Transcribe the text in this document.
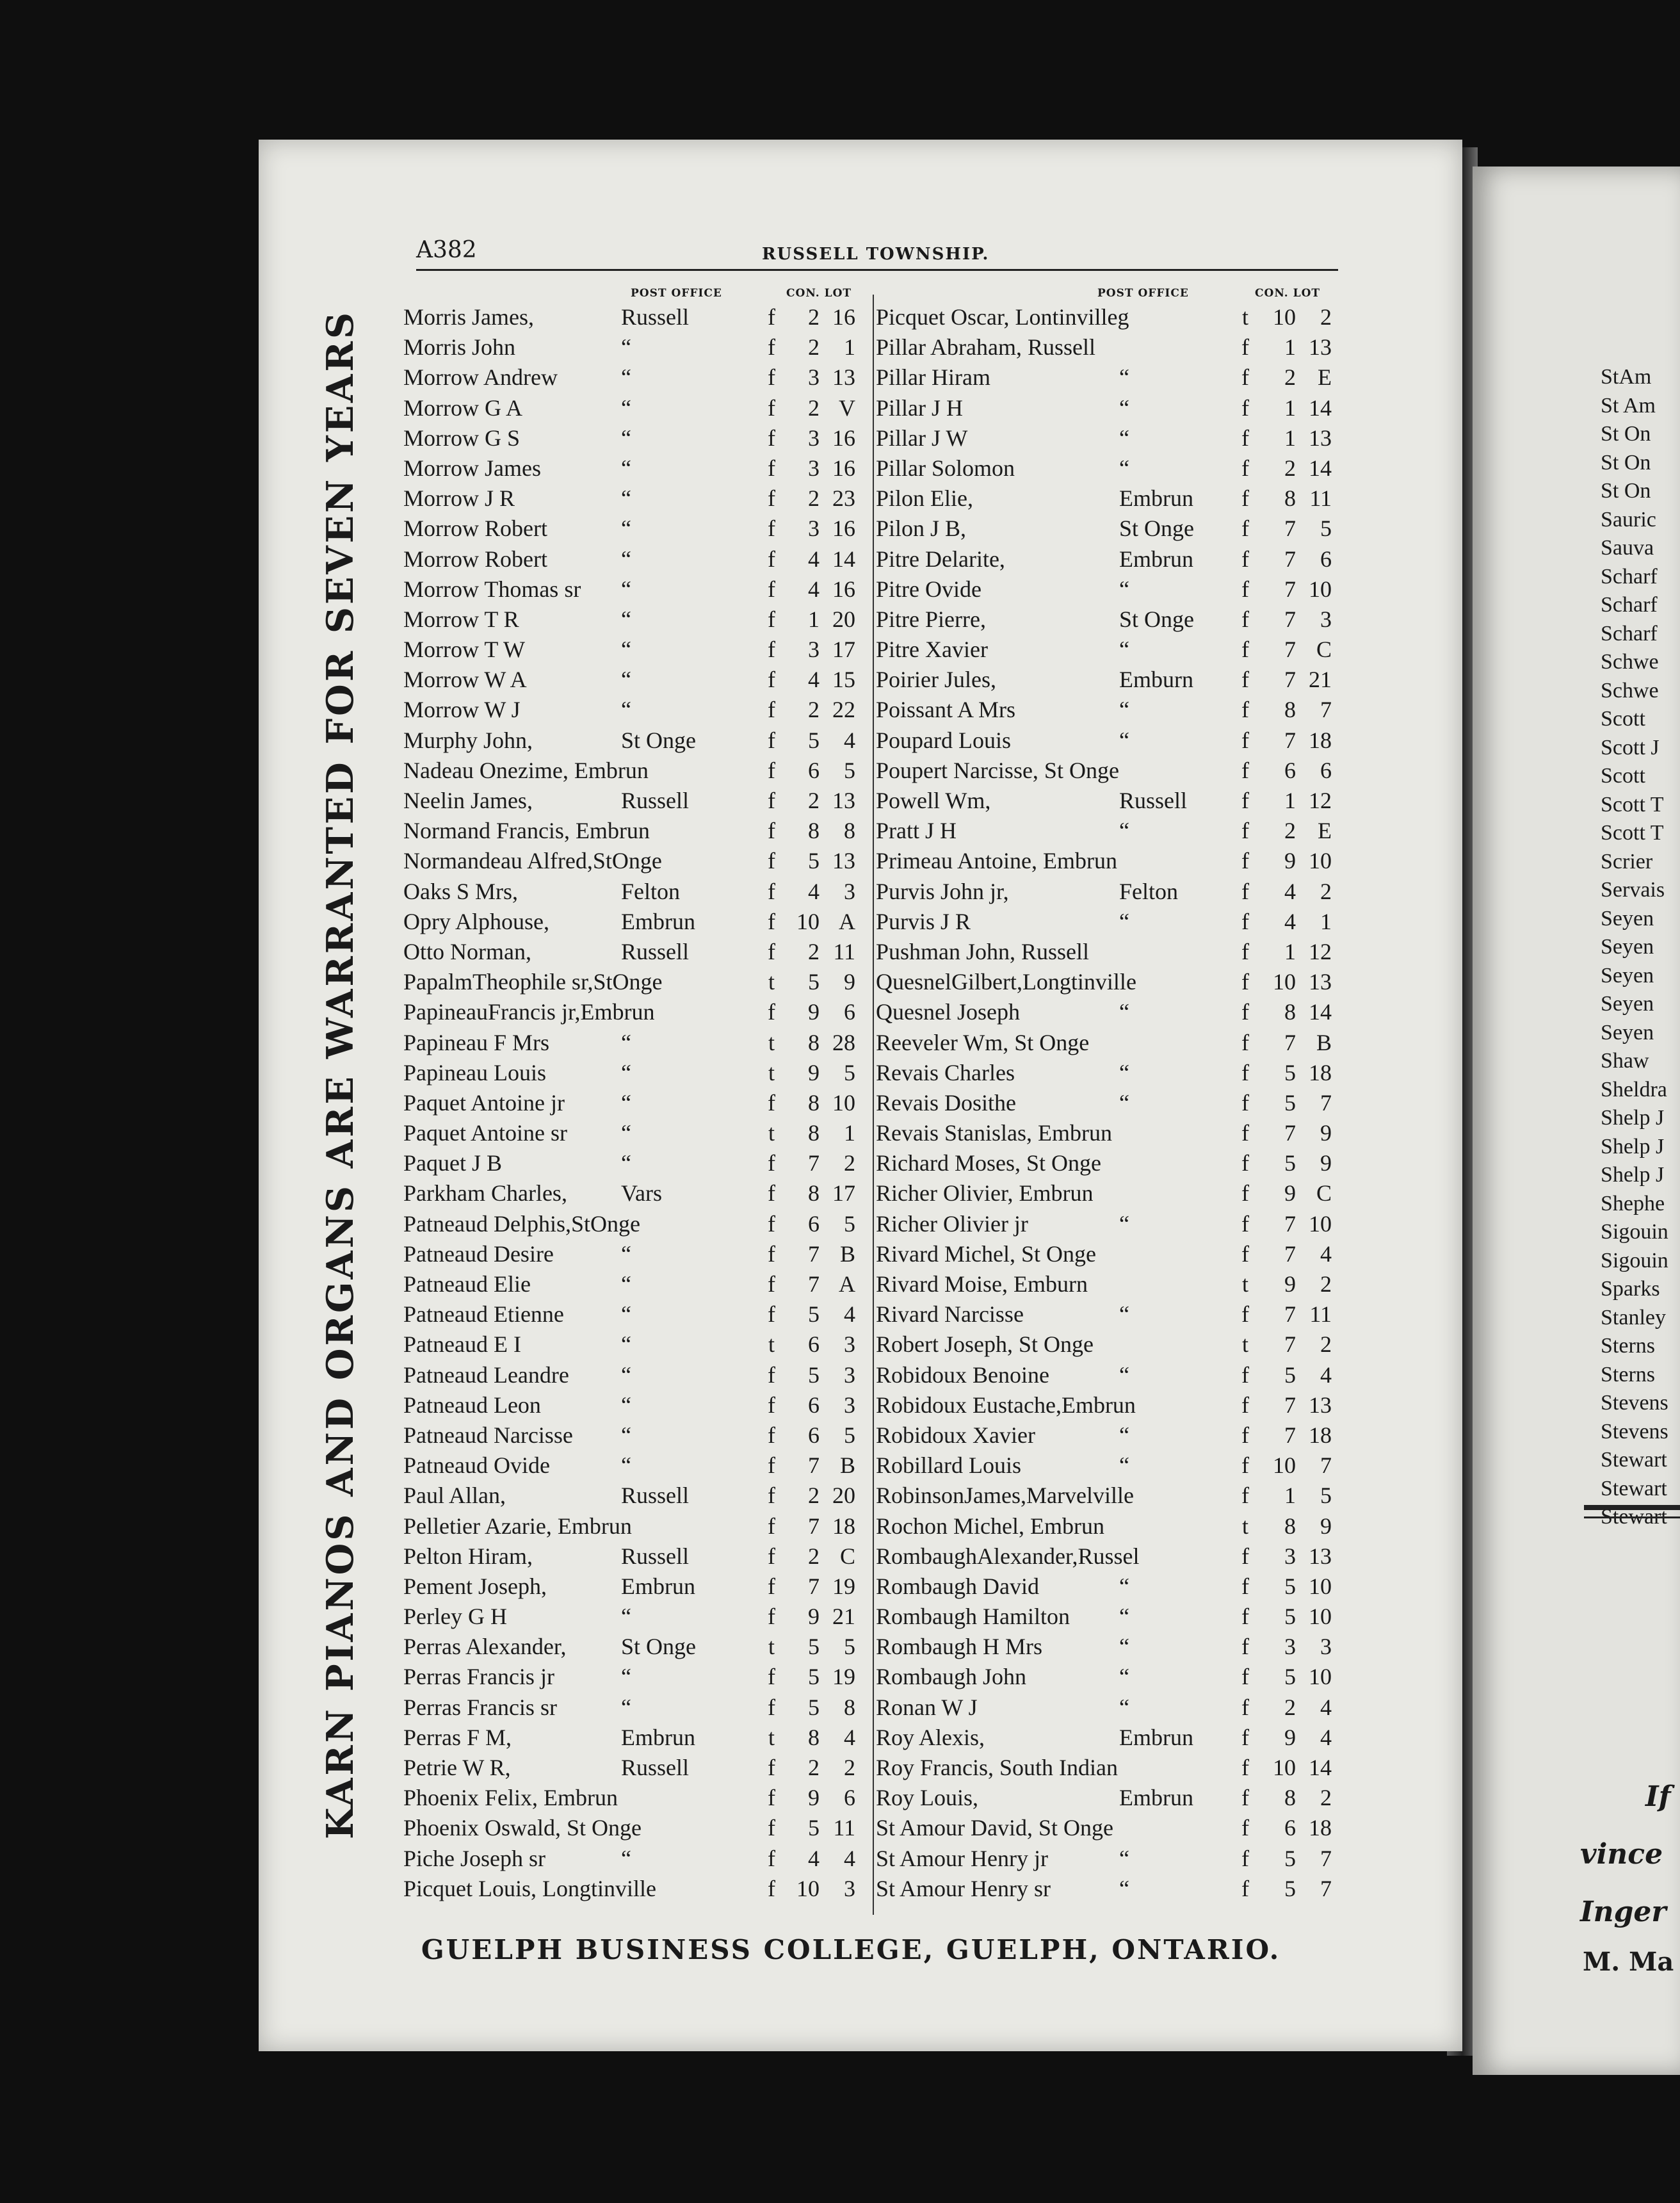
KARN PIANOS AND ORGANS ARE WARRANTED FOR SEVEN YEARS
A382	RUSSELL TOWNSHIP.
POST OFFICE	CON. LOT	POST OFFICE	CON. LOT
Morris James,	Russell	f	2 16
Morris John	“	f	2	1
Morrow Andrew	“	f	3 13
Morrow G A	“	f	2 V
Morrow G S	“	f	3 16
Morrow James	“	f	3 16
Morrow J R	“	f	2 23
Morrow Robert	“	f	3 16
Morrow Robert	“	f	4 14
Morrow Thomas sr “	f	4 16
Morrow T R	“	f	1 20
Morrow T W	“	f	3 17
Morrow W A	“	f	4 15
Morrow W J	“	f	2 22
Murphy John,	St Onge	f	5	4
Nadeau Onezime, Embrun	f	6	5
Neelin James,	Russell	f	2 13
Normand Francis, Embrun	f	8	8
Normandeau Alfred,StOnge	f	5 13
Oaks S Mrs,	Felton	f	4	3
Opry Alphouse,	Embrun	f 10 A
Otto Norman,	Russell	f	2 11
PapalmTheophile sr,StOnge	t	5	9
PapineauFrancis jr,Embrun	f	9	6
Papineau F Mrs	“	t	8 28
Papineau Louis	“	t	9	5
Paquet Antoine jr “	f	8 10
Paquet Antoine sr “	t	8	1
Paquet J B	“	f	7	2
Parkham Charles, Vars	f	8 17
Patneaud Delphis,StOnge	f	6	5
Patneaud Desire	“	f	7 B
Patneaud Elie	“	f	7 A
Patneaud Etienne “	f	5	4
Patneaud E I	“	t	6	3
Patneaud Leandre “	f	5	3
Patneaud Leon	“	f	6	3
Patneaud Narcisse “	f	6	5
Patneaud Ovide	“	f	7 B
Paul Allan,	Russell	f	2 20
Pelletier Azarie, Embrun	f	7 18
Pelton Hiram,	Russell	f	2 C
Pement Joseph,	Embrun	f	7 19
Perley G H	“	f	9 21
Perras Alexander, St Onge	t	5	5
Perras Francis jr	“	f	5 19
Perras Francis sr	“	f	5	8
Perras F M,	Embrun	t	8	4
Petrie W R,	Russell	f	2	2
Phoenix Felix, Embrun	f	9	6
Phoenix Oswald, St Onge	f	5 11
Piche Joseph sr	“	f	4	4
Picquet Louis, Longtinville	f 10	3
Picquet Oscar, Lontinvilleg	t	10	2
Pillar Abraham, Russell	f	1 13
Pillar Hiram	“	f	2 E
Pillar J H	“	f	1 14
Pillar J W	“	f	1 13
Pillar Solomon	“	f	2 14
Pilon Elie,	Embrun f	8 11
Pilon J B,	St Onge f	7	5
Pitre Delarite,	Embrun f	7	6
Pitre Ovide	“	f	7 10
Pitre Pierre,	St Onge f	7	3
Pitre Xavier	“	f	7 C
Poirier Jules,	Emburn f	7 21
Poissant A Mrs	“	f	8	7
Poupard Louis	“	f	7 18
Poupert Narcisse, St Onge	f	6	6
Powell Wm,	Russell f	1 12
Pratt J H	“	f	2 E
Primeau Antoine, Embrun	f	9 10
Purvis John jr,	Felton	f	4	2
Purvis J R	“	f	4	1
Pushman John, Russell	f	1 12
QuesnelGilbert,Longtinville	f	10 13
Quesnel Joseph	“	f	8 14
Reeveler Wm, St Onge	f	7 B
Revais Charles	“	f	5 18
Revais Dosithe	“	f	5	7
Revais Stanislas, Embrun	f	7	9
Richard Moses, St Onge	f	5	9
Richer Olivier, Embrun	f	9 C
Richer Olivier jr	“	f	7 10
Rivard Michel, St Onge	f	7	4
Rivard Moise, Emburn	t	9	2
Rivard Narcisse	“	f	7 11
Robert Joseph, St Onge	t	7	2
Robidoux Benoine	“	f	5	4
Robidoux Eustache,Embrun	f	7 13
Robidoux Xavier	“	f	7 18
Robillard Louis	“	f	10	7
RobinsonJames,Marvelville	f	1	5
Rochon Michel, Embrun	t	8	9
RombaughAlexander,Russel	f	3 13
Rombaugh David	“	f	5 10
Rombaugh Hamilton “	f	5 10
Rombaugh H Mrs	“	f	3	3
Rombaugh John	“	f	5 10
Ronan W J	“	f	2	4
Roy Alexis,	Embrun f	9	4
Roy Francis, South Indian	f	10 14
Roy Louis,	Embrun f	8	2
St Amour David, St Onge	f	6 18
St Amour Henry jr	“	f	5	7
St Amour Henry sr	“	f	5	7
GUELPH BUSINESS COLLEGE, GUELPH, ONTARIO.
StAm
St Am
St On
St On
St On
Sauric
Sauva
Scharf
Scharf
Scharf
Schwe
Schwe
Scott
Scott J
Scott
Scott T
Scott T
Scrier
Servais
Seyen
Seyen
Seyen
Seyen
Seyen
Shaw
Sheldra
Shelp J
Shelp J
Shelp J
Shephe
Sigouin
Sigouin
Sparks
Stanley
Sterns
Sterns
Stevens
Stevens
Stewart
Stewart
Stewart
If
vince
Inger
M. Ma
